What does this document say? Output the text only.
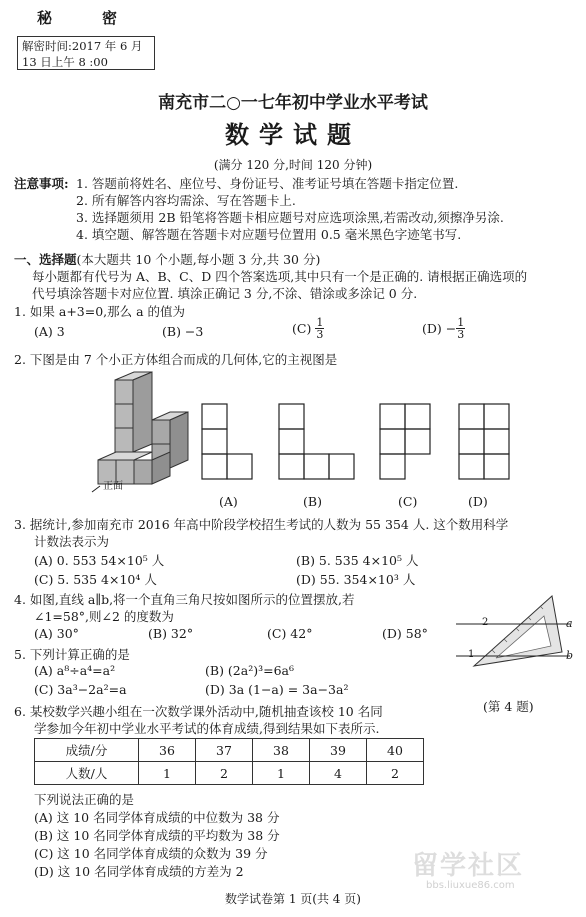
秘	密
解密时间:2017 年 6 月 13 日上午 8 :00
南充市二○一七年初中学业水平考试
数学试题
(满分 120 分,时间 120 分钟)
注意事项: 1. 答题前将姓名、座位号、身份证号、准考证号填在答题卡指定位置.
2. 所有解答内容均需涂、写在答题卡上.
3. 选择题须用 2B 铅笔将答题卡相应题号对应选项涂黑,若需改动,须擦净另涂.
4. 填空题、解答题在答题卡对应题号位置用 0.5 毫米黑色字迹笔书写.
一、选择题(本大题共 10 个小题,每小题 3 分,共 30 分)
每小题都有代号为 A、B、C、D 四个答案选项,其中只有一个是正确的. 请根据正确选项的
代号填涂答题卡对应位置. 填涂正确记 3 分,不涂、错涂或多涂记 0 分.
1. 如果 a+3=0,那么 a 的值为
(A) 3	(B) −3	$(C) \frac{1}{3}$	$(D) - \frac{1}{3}$
2. 下图是由 7 个小正方体组合而成的几何体,它的主视图是
正面
(A)	(B)	(C)	(D)
3. 据统计,参加南充市 2016 年高中阶段学校招生考试的人数为 55 354 人. 这个数用科学
计数法表示为
(A) 0. 553 54×10⁵ 人	(B) 5. 535 4×10⁵ 人
(C) 5. 535 4×10⁴ 人	(D) 55. 354×10³ 人
4. 如图,直线 a∥b,将一个直角三角尺按如图所示的位置摆放,若
∠1=58°,则∠2 的度数为
(A) 30°	(B) 32°	(C) 42°	(D) 58°
a
b
2
1
(第 4 题)
5. 下列计算正确的是
(A) a⁸÷a⁴=a²	(B) (2a²)³=6a⁶
(C) 3a³−2a²=a	(D) 3a (1−a) = 3a−3a²
6. 某校数学兴趣小组在一次数学课外活动中,随机抽查该校 10 名同
学参加今年初中学业水平考试的体育成绩,得到结果如下表所示.
成绩/分	36	37	38	39	40
人数/人	1	2	1	4	2
下列说法正确的是
(A) 这 10 名同学体育成绩的中位数为 38 分
(B) 这 10 名同学体育成绩的平均数为 38 分
(C) 这 10 名同学体育成绩的众数为 39 分
(D) 这 10 名同学体育成绩的方差为 2	留学社区
bbs.liuxue86.com
数学试卷第 1 页(共 4 页)
